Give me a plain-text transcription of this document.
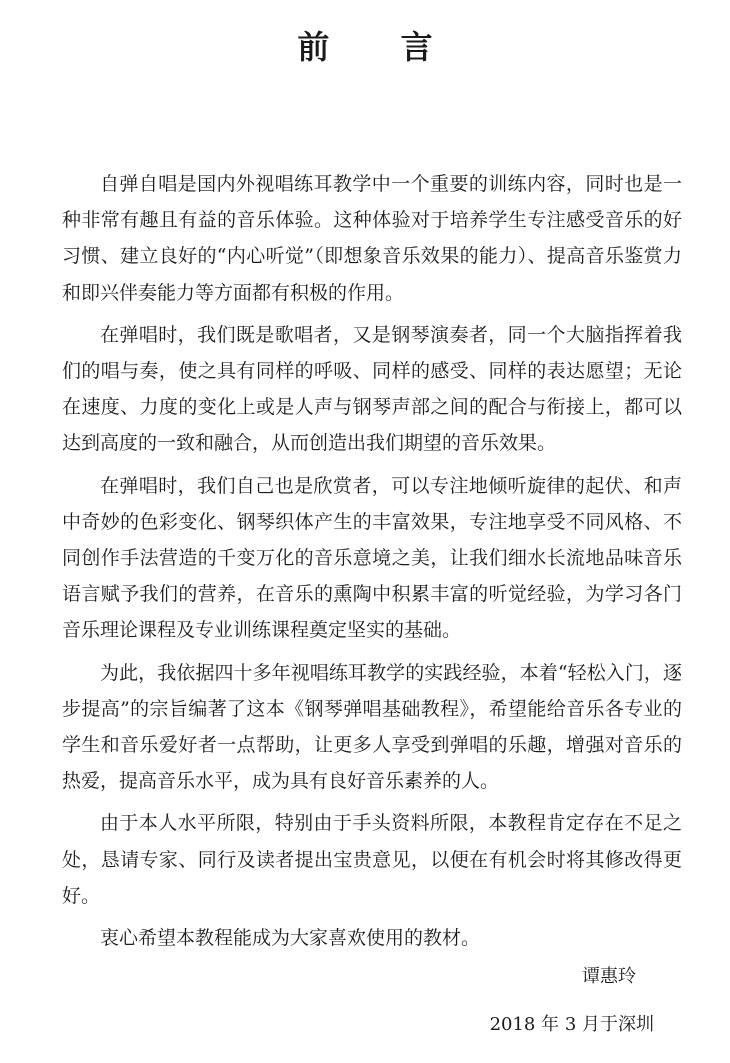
前 言

自弹自唱是国内外视唱练耳教学中一个重要的训练内容，同时也是一种非常有趣且有益的音乐体验。这种体验对于培养学生专注感受音乐的好习惯、建立良好的“内心听觉”（即想象音乐效果的能力）、提高音乐鉴赏力和即兴伴奏能力等方面都有积极的作用。

在弹唱时，我们既是歌唱者，又是钢琴演奏者，同一个大脑指挥着我们的唱与奏，使之具有同样的呼吸、同样的感受、同样的表达愿望；无论在速度、力度的变化上或是人声与钢琴声部之间的配合与衔接上，都可以达到高度的一致和融合，从而创造出我们期望的音乐效果。

在弹唱时，我们自己也是欣赏者，可以专注地倾听旋律的起伏、和声中奇妙的色彩变化、钢琴织体产生的丰富效果，专注地享受不同风格、不同创作手法营造的千变万化的音乐意境之美，让我们细水长流地品味音乐语言赋予我们的营养，在音乐的熏陶中积累丰富的听觉经验，为学习各门音乐理论课程及专业训练课程奠定坚实的基础。

为此，我依据四十多年视唱练耳教学的实践经验，本着“轻松入门，逐步提高”的宗旨编著了这本《钢琴弹唱基础教程》，希望能给音乐各专业的学生和音乐爱好者一点帮助，让更多人享受到弹唱的乐趣，增强对音乐的热爱，提高音乐水平，成为具有良好音乐素养的人。

由于本人水平所限，特别由于手头资料所限，本教程肯定存在不足之处，恳请专家、同行及读者提出宝贵意见，以便在有机会时将其修改得更好。

衷心希望本教程能成为大家喜欢使用的教材。

谭惠玲
2018 年 3 月于深圳
